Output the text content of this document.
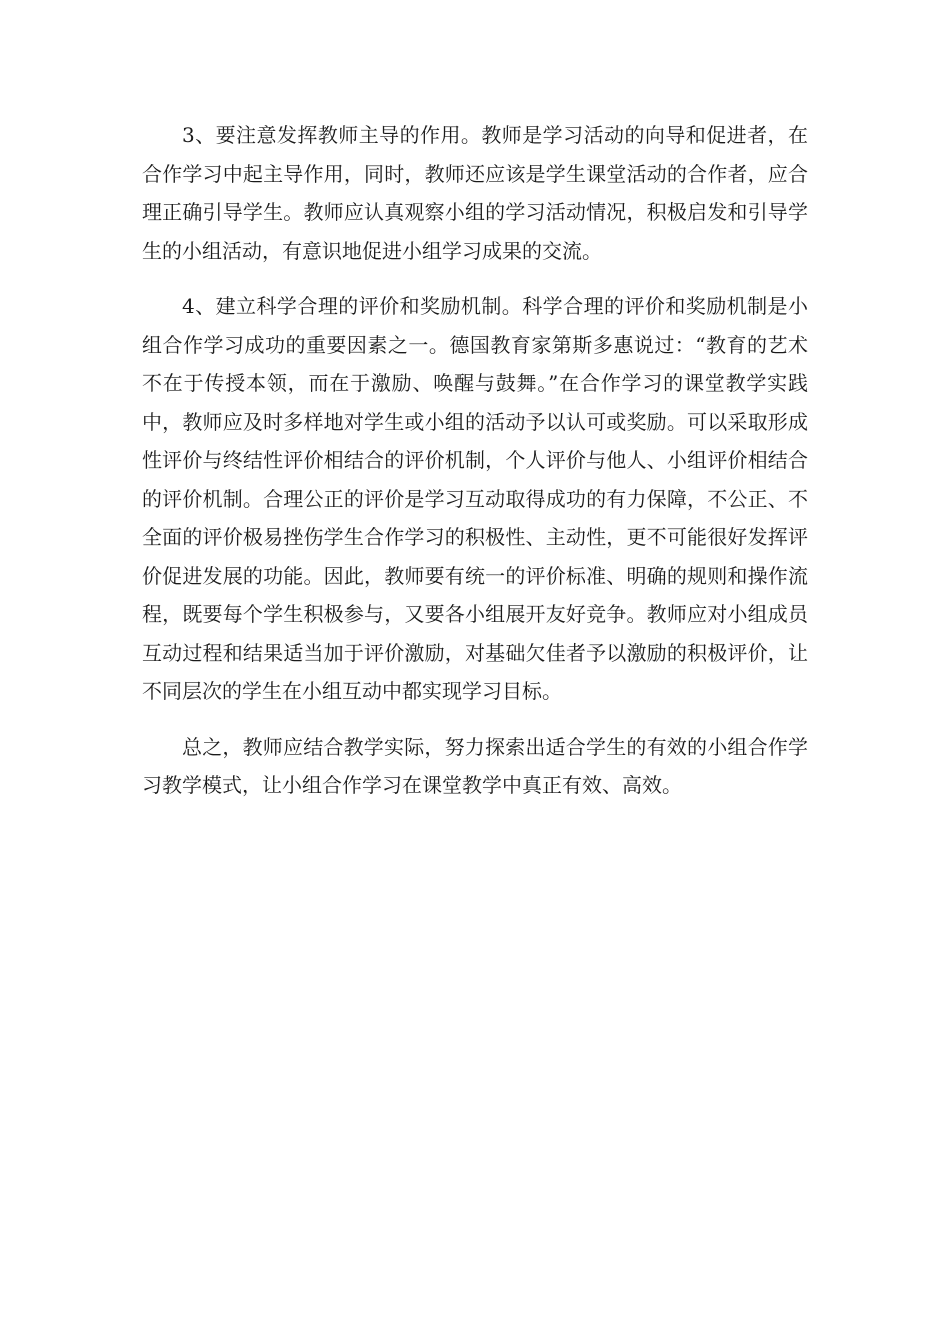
3、要注意发挥教师主导的作用。教师是学习活动的向导和促进者，在合作学习中起主导作用，同时，教师还应该是学生课堂活动的合作者，应合理正确引导学生。教师应认真观察小组的学习活动情况，积极启发和引导学生的小组活动，有意识地促进小组学习成果的交流。

4、建立科学合理的评价和奖励机制。科学合理的评价和奖励机制是小组合作学习成功的重要因素之一。德国教育家第斯多惠说过：“教育的艺术不在于传授本领，而在于激励、唤醒与鼓舞。”在合作学习的课堂教学实践中，教师应及时多样地对学生或小组的活动予以认可或奖励。可以采取形成性评价与终结性评价相结合的评价机制，个人评价与他人、小组评价相结合的评价机制。合理公正的评价是学习互动取得成功的有力保障，不公正、不全面的评价极易挫伤学生合作学习的积极性、主动性，更不可能很好发挥评价促进发展的功能。因此，教师要有统一的评价标准、明确的规则和操作流程，既要每个学生积极参与，又要各小组展开友好竞争。教师应对小组成员互动过程和结果适当加于评价激励，对基础欠佳者予以激励的积极评价，让不同层次的学生在小组互动中都实现学习目标。

总之，教师应结合教学实际，努力探索出适合学生的有效的小组合作学习教学模式，让小组合作学习在课堂教学中真正有效、高效。
